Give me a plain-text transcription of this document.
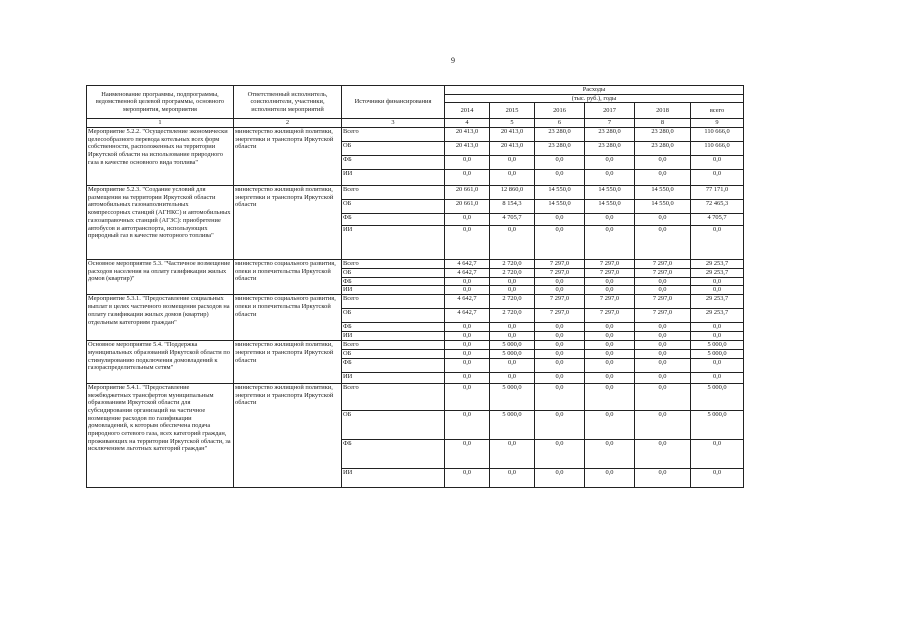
9
Наименование программы, подпрограммы, ведомственной целевой программы, основного мероприятия, мероприятия	Ответственный исполнитель, соисполнители, участники, исполнители мероприятий	Источники финансирования	Расходы					
			(тыс. руб.), годы					
			2014	2015	2016	2017	2018	всего
1	2	3	4	5	6	7	8	9
Мероприятие 5.2.2. "Осуществление экономически целесообразного перевода котельных всех форм собственности, расположенных на территории Иркутской области на использование природного газа в качестве основного вида топлива"	министерство жилищной политики, энергетики и транспорта Иркутской области	Всего	20 413,0	20 413,0	23 280,0	23 280,0	23 280,0	110 666,0
		ОБ	20 413,0	20 413,0	23 280,0	23 280,0	23 280,0	110 666,0
		ФБ	0,0	0,0	0,0	0,0	0,0	0,0
		ИИ	0,0	0,0	0,0	0,0	0,0	0,0
Мероприятие 5.2.3. "Создание условий для размещения на территории Иркутской области автомобильных газонаполнительных компрессорных станций (АГНКС) и автомобильных газозаправочных станций (АГЗС): приобретение автобусов и автотранспорта, использующих природный газ в качестве моторного топлива"	министерство жилищной политики, энергетики и транспорта Иркутской области	Всего	20 661,0	12 860,0	14 550,0	14 550,0	14 550,0	77 171,0
		ОБ	20 661,0	8 154,3	14 550,0	14 550,0	14 550,0	72 465,3
		ФБ	0,0	4 705,7	0,0	0,0	0,0	4 705,7
		ИИ	0,0	0,0	0,0	0,0	0,0	0,0
Основное мероприятие 5.3. "Частичное возмещение расходов населения на оплату газификации жилых домов (квартир)"	министерство социального развития, опеки и попечительства Иркутской области	Всего	4 642,7	2 720,0	7 297,0	7 297,0	7 297,0	29 253,7
		ОБ	4 642,7	2 720,0	7 297,0	7 297,0	7 297,0	29 253,7
		ФБ	0,0	0,0	0,0	0,0	0,0	0,0
		ИИ	0,0	0,0	0,0	0,0	0,0	0,0
Мероприятие 5.3.1. "Предоставление социальных выплат в целях частичного возмещения расходов на оплату газификации жилых домов (квартир) отдельным категориям граждан"	министерство социального развития, опеки и попечительства Иркутской области	Всего	4 642,7	2 720,0	7 297,0	7 297,0	7 297,0	29 253,7
		ОБ	4 642,7	2 720,0	7 297,0	7 297,0	7 297,0	29 253,7
		ФБ	0,0	0,0	0,0	0,0	0,0	0,0
		ИИ	0,0	0,0	0,0	0,0	0,0	0,0
Основное мероприятие 5.4. "Поддержка муниципальных образований Иркутской области по стимулированию подключения домовладений к газораспределительным сетям"	министерство жилищной политики, энергетики и транспорта Иркутской области	Всего	0,0	5 000,0	0,0	0,0	0,0	5 000,0
		ОБ	0,0	5 000,0	0,0	0,0	0,0	5 000,0
		ФБ	0,0	0,0	0,0	0,0	0,0	0,0
		ИИ	0,0	0,0	0,0	0,0	0,0	0,0
Мероприятие 5.4.1. "Предоставление межбюджетных трансфертов муниципальным образованиям Иркутской области для субсидирования организаций на частичное возмещение расходов по газификации домовладений, к которым обеспечена подача природного сетевого газа, всех категорий граждан, проживающих на территории Иркутской области, за исключением льготных категорий граждан"	министерство жилищной политики, энергетики и транспорта Иркутской области	Всего	0,0	5 000,0	0,0	0,0	0,0	5 000,0
		ОБ	0,0	5 000,0	0,0	0,0	0,0	5 000,0
		ФБ	0,0	0,0	0,0	0,0	0,0	0,0
		ИИ	0,0	0,0	0,0	0,0	0,0	0,0
